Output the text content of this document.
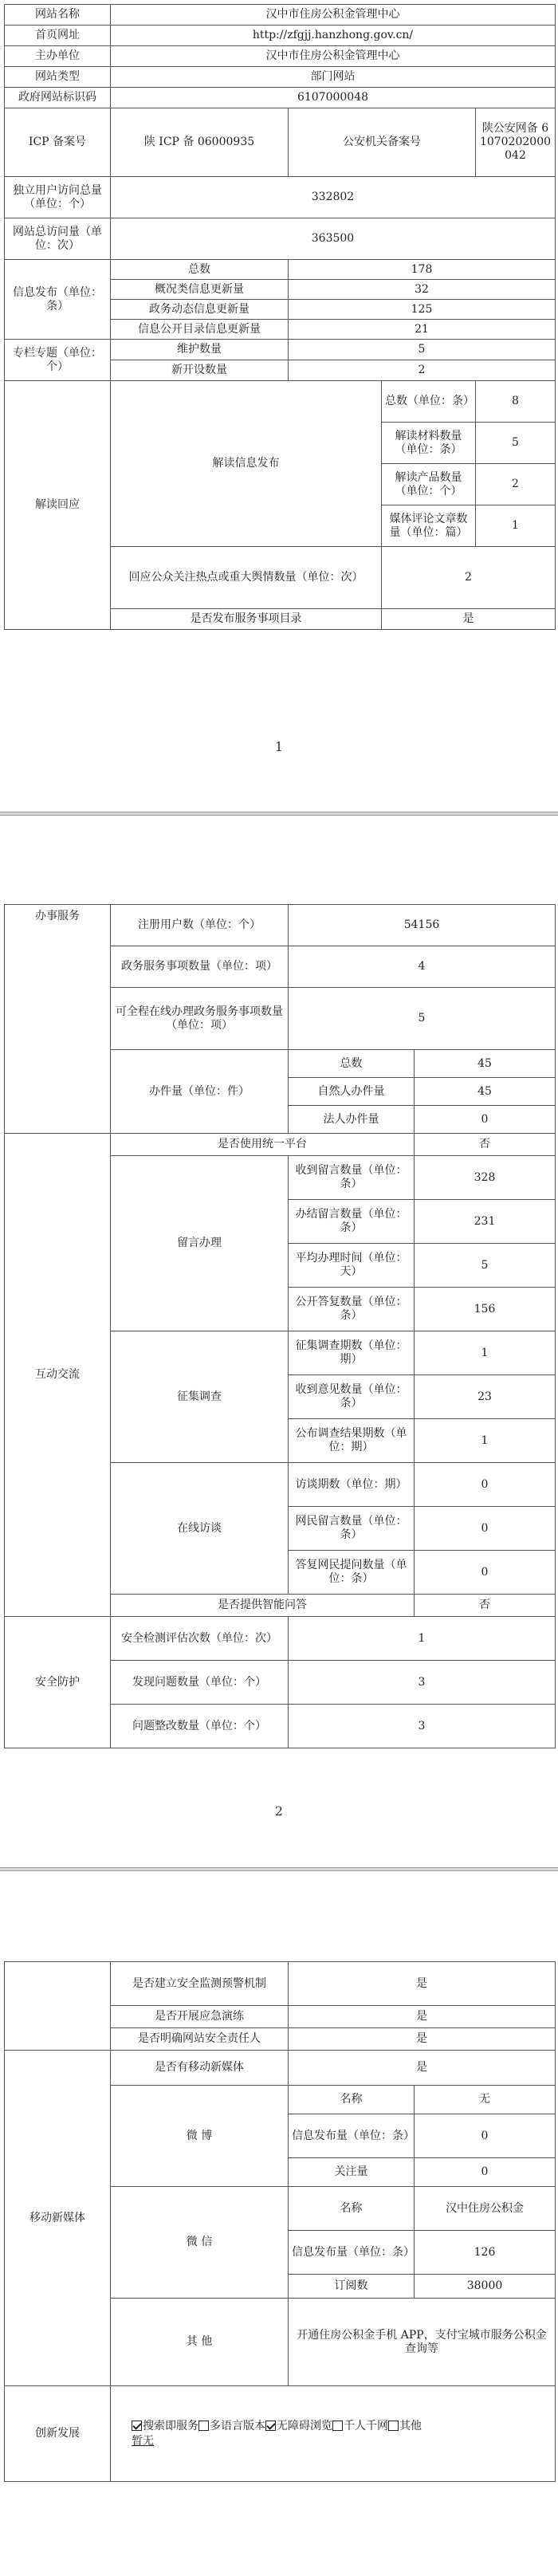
网站名称	汉中市住房公积金管理中心			
首页网址	http://zfgjj.hanzhong.gov.cn/			
主办单位	汉中市住房公积金管理中心			
网站类型	部门网站			
政府网站标识码	6107000048			
ICP 备案号	陕 ICP 备 06000935	公安机关备案号		陕公安网备 61070202000042
独立用户访问总量（单位：个）	332802			
网站总访问量（单位：次）	363500			
信息发布（单位：条）	总数	178		
	概况类信息更新量	32		
	政务动态信息更新量	125		
	信息公开目录信息更新量	21		
专栏专题（单位：个）	维护数量	5		
	新开设数量	2		
解读回应	解读信息发布		总数（单位：条）	8
			解读材料数量（单位：条）	5
			解读产品数量（单位：个）	2
			媒体评论文章数量（单位：篇）	1
	回应公众关注热点或重大舆情数量（单位：次）		2	
	是否发布服务事项目录		是	
1
办事服务	注册用户数（单位：个）	54156	
	政务服务事项数量（单位：项）	4	
	可全程在线办理政务服务事项数量（单位：项）	5	
	办件量（单位：件）	总数	45
		自然人办件量	45
		法人办件量	0
互动交流	是否使用统一平台		否
	留言办理	收到留言数量（单位：条）	328
		办结留言数量（单位：条）	231
		平均办理时间（单位：天）	5
		公开答复数量（单位：条）	156
	征集调查	征集调查期数（单位：期）	1
		收到意见数量（单位：条）	23
		公布调查结果期数（单位：期）	1
	在线访谈	访谈期数（单位：期）	0
		网民留言数量（单位：条）	0
		答复网民提问数量（单位：条）	0
	是否提供智能问答		否
安全防护	安全检测评估次数（单位：次）	1	
	发现问题数量（单位：个）	3	
	问题整改数量（单位：个）	3	
2
	是否建立安全监测预警机制	是	
	是否开展应急演练	是	
	是否明确网站安全责任人	是	
移动新媒体	是否有移动新媒体	是	
	微 博	名称	无
		信息发布量（单位：条）	0
		关注量	0
	微 信	名称	汉中住房公积金
		信息发布量（单位：条）	126
		订阅数	38000
	其 他	开通住房公积金手机 APP，支付宝城市服务公积金查询等	
创新发展	搜索即服务 多语言版本 无障碍浏览 千人千网 其他
暂无		
